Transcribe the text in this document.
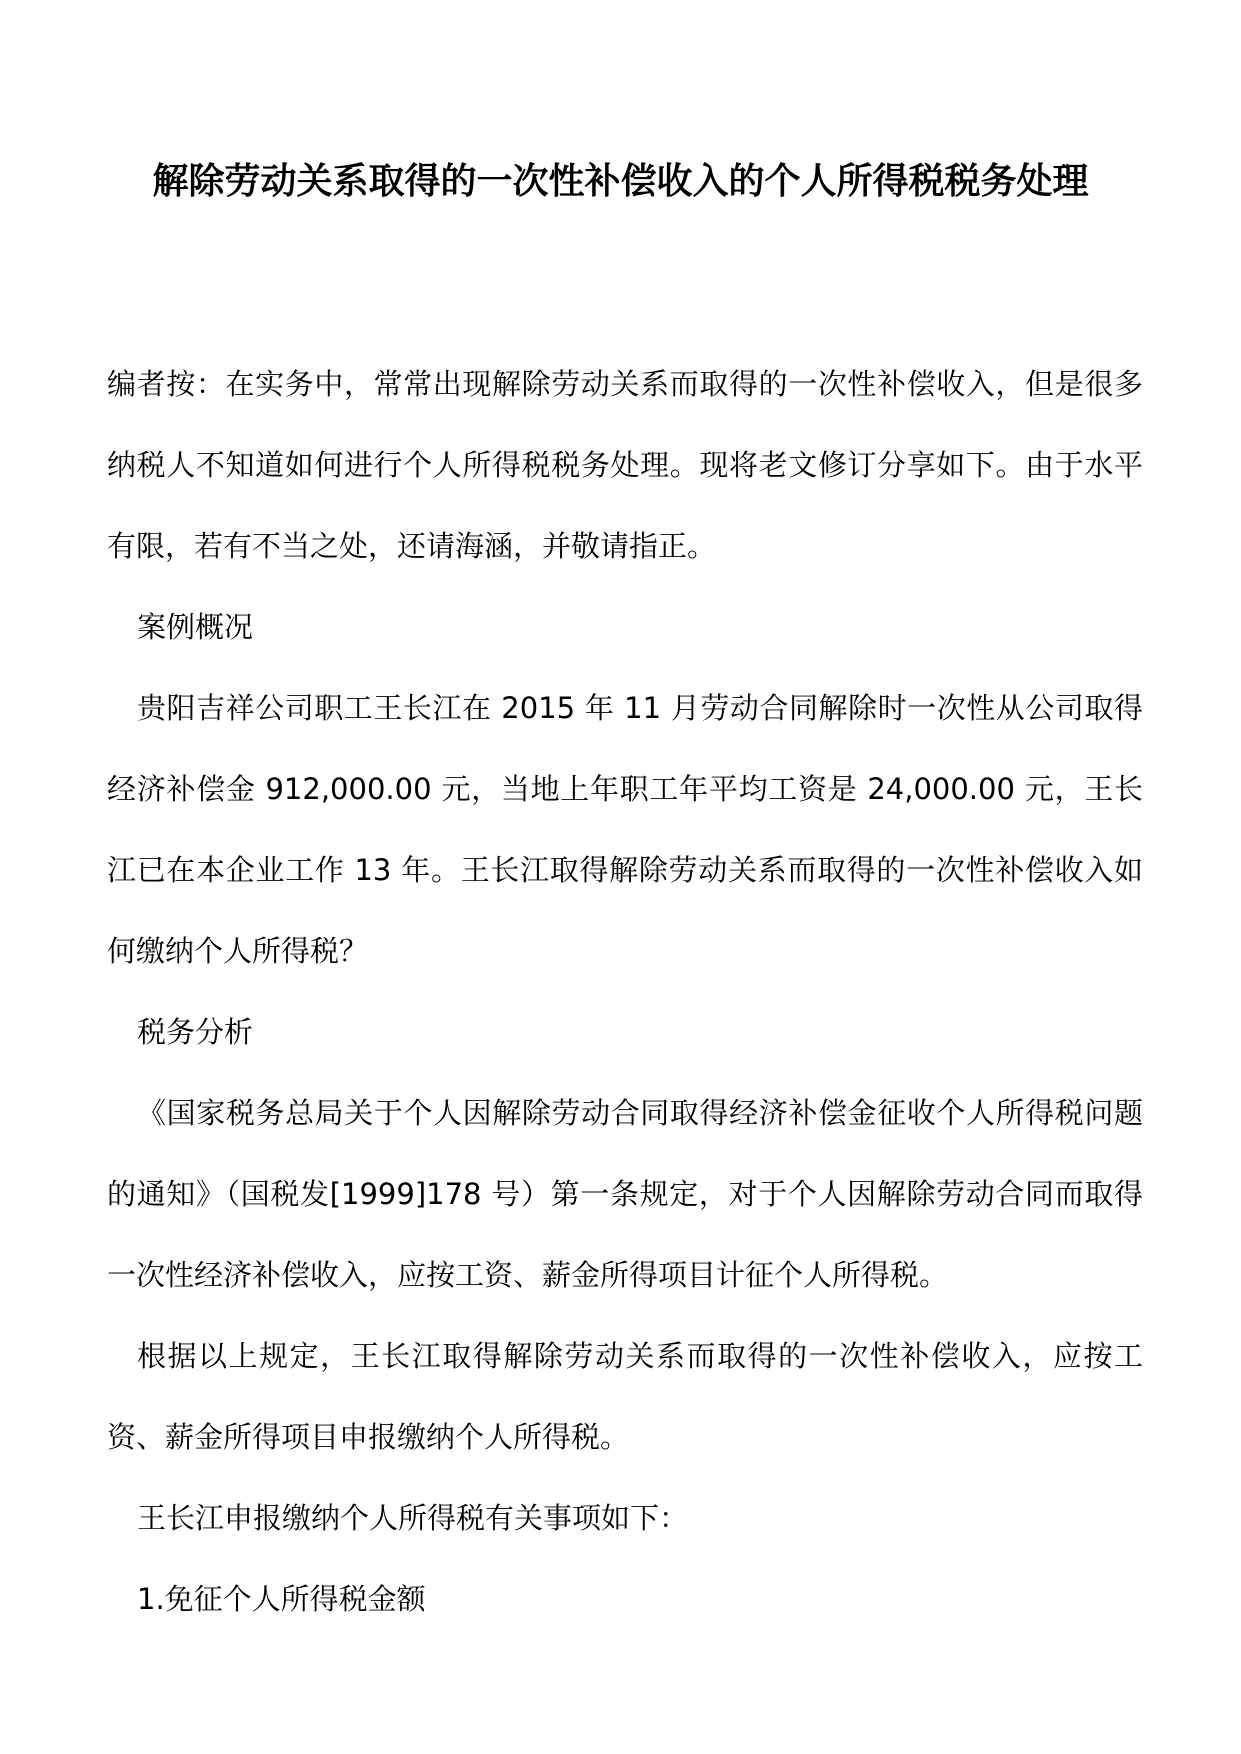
解除劳动关系取得的一次性补偿收入的个人所得税税务处理

编者按：在实务中，常常出现解除劳动关系而取得的一次性补偿收入，但是很多纳税人不知道如何进行个人所得税税务处理。现将老文修订分享如下。由于水平有限，若有不当之处，还请海涵，并敬请指正。

案例概况

贵阳吉祥公司职工王长江在 2015 年 11 月劳动合同解除时一次性从公司取得经济补偿金 912,000.00 元，当地上年职工年平均工资是 24,000.00 元，王长江已在本企业工作 13 年。王长江取得解除劳动关系而取得的一次性补偿收入如何缴纳个人所得税？

税务分析

《国家税务总局关于个人因解除劳动合同取得经济补偿金征收个人所得税问题的通知》（国税发[1999]178 号）第一条规定，对于个人因解除劳动合同而取得一次性经济补偿收入，应按工资、薪金所得项目计征个人所得税。

根据以上规定，王长江取得解除劳动关系而取得的一次性补偿收入，应按工资、薪金所得项目申报缴纳个人所得税。

王长江申报缴纳个人所得税有关事项如下：

1.免征个人所得税金额
